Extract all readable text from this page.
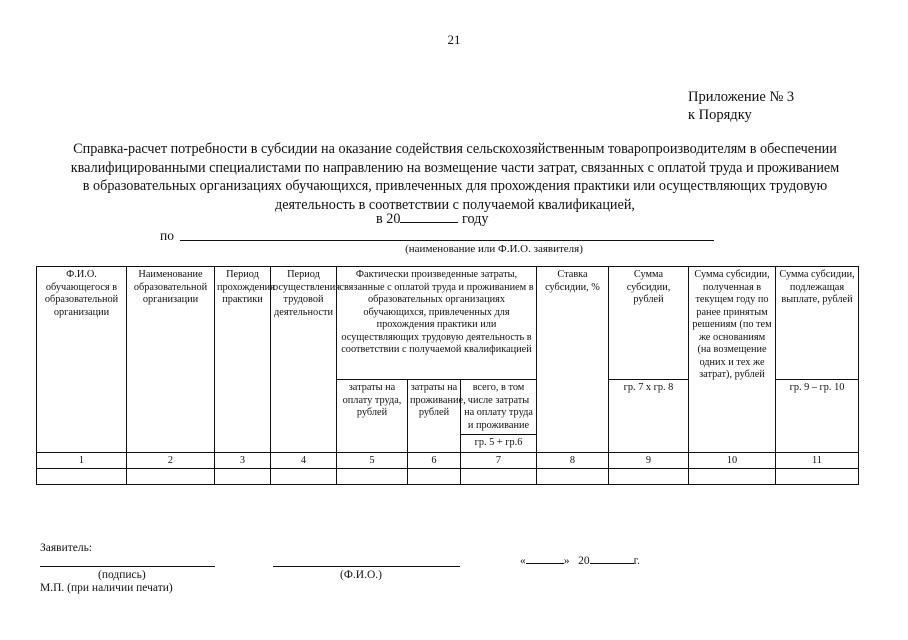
21
Приложение № 3
к Порядку
Справка-расчет потребности в субсидии на оказание содействия сельскохозяйственным товаропроизводителям в обеспечении квалифицированными специалистами по направлению на возмещение части затрат, связанных с оплатой труда и проживанием в образовательных организациях обучающихся, привлеченных для прохождения практики или осуществляющих трудовую деятельность в соответствии с получаемой квалификацией,
в 20	году
по
(наименование или Ф.И.О. заявителя)
Ф.И.О. обучающегося в образовательной организации	Наименование образовательной организации	Период прохождения практики	Период осуществления трудовой деятельности	Фактически произведенные затраты, связанные с оплатой труда и проживанием в образовательных организациях обучающихся, привлеченных для прохождения практики или осуществляющих трудовую деятельность в соответствии с получаемой квалификацией			Ставка субсидии, %	Сумма субсидии, рублей	Сумма субсидии, полученная в текущем году по ранее принятым решениям (по тем же основаниям (на возмещение одних и тех же затрат), рублей	Сумма субсидии, подлежащая выплате, рублей
				затраты на оплату труда, рублей	затраты на проживание, рублей	всего, в том числе затраты на оплату труда и проживание		гр. 7 х гр. 8		гр. 9 – гр. 10
						гр. 5 + гр.6				
1	2	3	4	5	6	7	8	9	10	11

Заявитель:
(подпись)	(Ф.И.О.)
«	» 20	г.
М.П. (при наличии печати)
